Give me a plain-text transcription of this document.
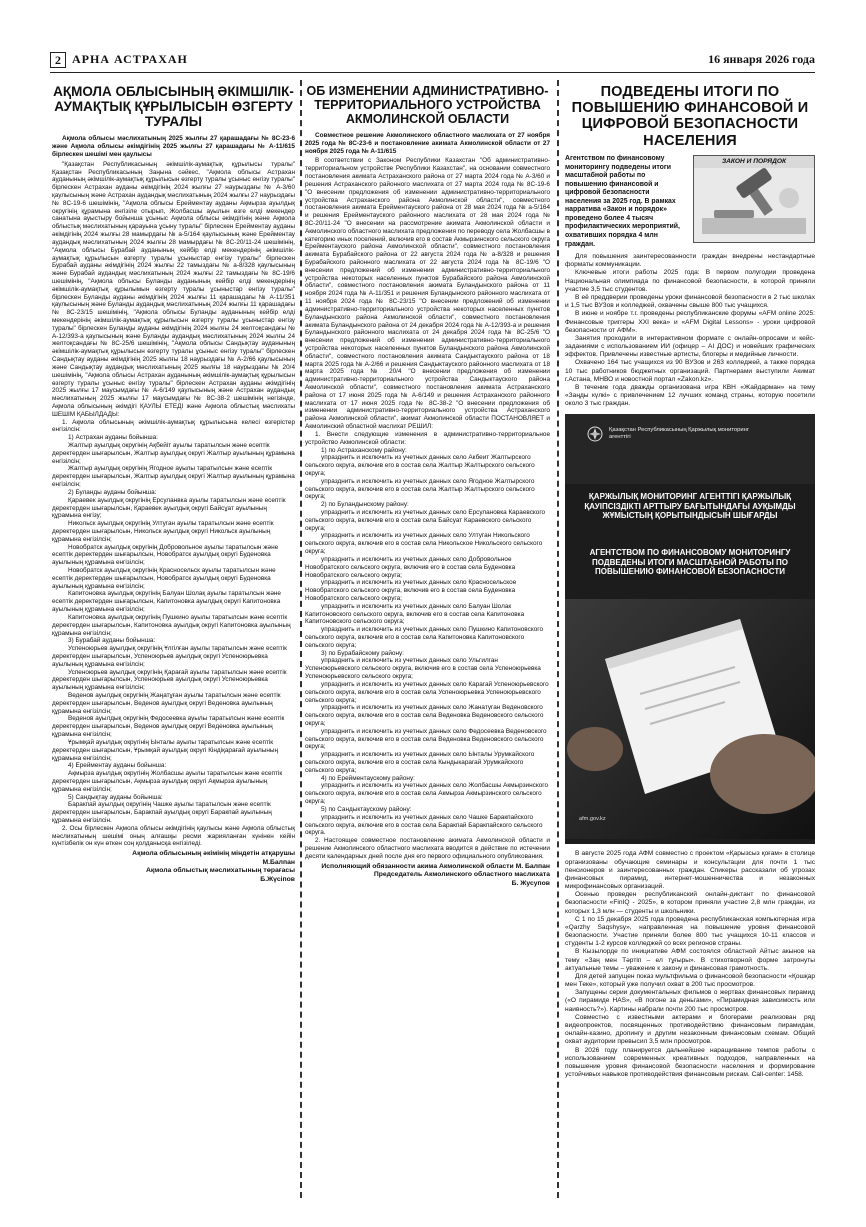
2 АРНА АСТРАХАН	16 января 2026 года
АҚМОЛА ОБЛЫСЫНЫҢ ӘКІМШІЛІК-АУМАҚТЫҚ ҚҰРЫЛЫСЫН ӨЗГЕРТУ ТУРАЛЫ
Ақмола облысы мәслихатының 2025 жылғы 27 қарашадағы № 8С-23-6 және Ақмола облысы әкімдігінің 2025 жылғы 27 қарашадағы № А-11/615 бірлескен шешімі мен қаулысы

"Қазақстан Республикасының әкімшілік-аумақтық құрылысы туралы" Қазақстан Республикасының Заңына сәйкес, "Ақмола облысы Астрахан ауданының әкімшілік-аумақтық құрылысын өзгерту туралы ұсыныс енгізу туралы" бірлескен Астрахан ауданы әкімдігінің 2024 жылғы 27 наурыздағы № А-3/60 қаулысының және Астрахан аудандық мәслихатының 2024 жылғы 27 наурыздағы № 8С-19-6 шешімінің, "Ақмола облысы Ерейментау ауданы Ақмырза ауылдық округінің құрамына енгізіле отырып, Жолбасшы ауылын өзге елді мекендер санатына ауыстыру бойынша ұсыныс Ақмола облысы әкімдігінің және Ақмола облыстық мәслихатының қарауына ұсыну туралы" бірлескен Ерейментау ауданы әкімдігінің 2024 жылғы 28 мамырдағы № а-5/164 қаулысының және Ерейментау аудандық мәслихатының 2024 жылғы 28 мамырдағы № 8С-20/11-24 шешімінің, "Ақмола облысы Бурабай ауданының кейбір елді мекендерінің әкімшілік-аумақтық құрылысын өзгерту туралы ұсыныстар енгізу туралы" бірлескен Бурабай ауданы әкімдігінің 2024 жылғы 22 тамыздағы № а-8/328 қаулысының және Бурабай аудандық мәслихатының 2024 жылғы 22 тамыздағы № 8С-19/6 шешімінің, "Ақмола облысы Буланды ауданының кейбір елді мекендерінің әкімшілік-аумақтық құрылымын өзгерту туралы ұсыныстар енгізу туралы" бірлескен Буланды ауданы әкімдігінің 2024 жылғы 11 қарашадағы № А-11/351 қаулысының және Буланды аудандық мәслихатының 2024 жылғы 11 қарашадағы № 8С-23/15 шешімінің, "Ақмола облысы Буланды ауданының кейбір елді мекендерінің әкімшілік-аумақтық құрылысын өзгерту туралы ұсыныстар енгізу туралы" бірлескен Буланды ауданы әкімдігінің 2024 жылғы 24 желтоқсандағы № А-12/393-а қаулысының және Буланды аудандық мәслихатының 2024 жылғы 24 желтоқсандағы № 8С-25/6 шешімінің, "Ақмола облысы Сандықтау ауданының әкімшілік-аумақтық құрылысын өзгерту туралы ұсыныс енгізу туралы" бірлескен Сандықтау ауданы әкімдігінің 2025 жылғы 18 наурыздағы № А-2/66 қаулысының және Сандықтау аудандық мәслихатының 2025 жылғы 18 наурыздағы № 20/4 шешімінің, "Ақмола облысы Астрахан ауданының әкімшілік-аумақтық құрылысын өзгерту туралы ұсыныс енгізу туралы" бірлескен Астрахан ауданы әкімдігінің 2025 жылғы 17 маусымдағы № А-6/149 қаулысының және Астрахан аудандық мәслихатының 2025 жылғы 17 маусымдағы № 8С-38-2 шешімінің негізінде, Ақмола облысының әкімдігі ҚАУЛЫ ЕТЕДІ және Ақмола облыстық мәслихаты ШЕШІМ ҚАБЫЛДАДЫ:

1. Ақмола облысының әкімшілік-аумақтық құрылысына келесі өзгерістер енгізілсін:

1) Астрахан ауданы бойынша:

Жалтыр ауылдық округінің Ақбейіт ауылы таратылсын және есептік деректерден шығарылсын, Жалтыр ауылдық округі Жалтыр ауылының құрамына енгізілсін;

Жалтыр ауылдық округінің Ягодное ауылы таратылсын және есептік деректерден шығарылсын, Жалтыр ауылдық округі Жалтыр ауылының құрамына енгізілсін;

2) Буланды ауданы бойынша:

Қараевек ауылдық округінің Ерсуланвка ауылы таратылсын және есептік деректерден шығарылсын, Қараевек ауылдық округі Байсұат ауылының құрамына енгізу;

Никольск ауылдық округінің Ултуган ауылы таратылсын және есептік деректерден шығарылсын, Никольск ауылдық округі Никольск ауылының құрамына енгізілсін;

Новобратск ауылдық округінің Добровольное ауылы таратылсын және есептік деректерден шығарылсын, Новобратск ауылдық округі Буденовка ауылының құрамына енгізілсін;

Новобратск ауылдық округінің Красносельск ауылы таратылсын және есептік деректерден шығарылсын, Новобратск ауылдық округі Буденовка ауылының құрамына енгізілсін;

Капитоновка ауылдық округінің Балуан Шолақ ауылы таратылсын және есептік деректерден шығарылсын, Капитоновка ауылдық округі Капитоновка ауылының құрамына енгізілсін;

Капитоновка ауылдық округінің Пушкино ауылы таратылсын және есептік деректерден шығарылсын, Капитоновка ауылдық округі Капитоновка ауылының құрамына енгізілсін;

3) Бурабай ауданы бойынша:

Успеноюрьев ауылдық округінің Ұлгілған ауылы таратылсын және есептік деректерден шығарылсын, Успеноюрьев ауылдық округі Успеноюрьевка ауылының құрамына енгізілсін;

Успеноюрьев ауылдық округінің Қарағай ауылы таратылсын және есептік деректерден шығарылсын, Успеноюрьев ауылдық округі Успеноюрьевка ауылының құрамына енгізілсін;

Веденов ауылдық округінің Жаңатұған ауылы таратылсын және есептік деректерден шығарылсын, Веденов ауылдық округі Веденовка ауылының құрамына енгізілсін;

Веденов ауылдық округінің Федосеевка ауылы таратылсын және есептік деректерден шығарылсын, Веденов ауылдық округі Веденовка ауылының құрамына енгізілсін;

Ұрымқай ауылдық округінің Ынталы ауылы таратылсын және есептік деректерден шығарылсын, Ұрымқай ауылдық округі Кіндіқарағай ауылының құрамына енгізілсін;

4) Ерейментау ауданы бойынша:

Ақмырза ауылдық округінің Жолбасшы ауылы таратылсын және есептік деректерден шығарылсын, Ақмырза ауылдық округі Ақмырза ауылының құрамына енгізілсін;

5) Сандықтау ауданы бойынша:

Баракпай ауылдық округінің Чашке ауылы таратылсын және есептік деректерден шығарылсын, Баракпай ауылдық округі Баракпай ауылының құрамына енгізілсін.

2. Осы бірлескен Ақмола облысы әкімдігінің қаулысы және Ақмола облыстық мәслихатының шешімі оның алғашқы ресми жарияланған күнінен кейін күнтізбелік он күн өткен соң қолданысқа енгізіледі.

Ақмола облысының әкімінің міндетін атқарушы
М.Балпан
Ақмола облыстық мәслихатының төрағасы
Б.Жүсіпов
ОБ ИЗМЕНЕНИИ АДМИНИСТРАТИВНО-ТЕРРИТОРИАЛЬНОГО УСТРОЙСТВА АКМОЛИНСКОЙ ОБЛАСТИ
Совместное решение Акмолинского областного маслихата от 27 ноября 2025 года № 8С-23-6 и постановление акимата Акмолинской области от 27 ноября 2025 года № А-11/615

В соответствии с Законом Республики Казахстан "Об административно-территориальном устройстве Республики Казахстан", на основании совместного постановления акимата Астраханского района от 27 марта 2024 года № А-3/60 и решения Астраханского районного маслихата от 27 марта 2024 года № 8С-19-6 "О внесении предложения об изменении административно-территориального устройства Астраханского района Акмолинской области", совместного постановления акимата Ерейментауского района от 28 мая 2024 года № а-5/164 и решения Ерейментауского районного маслихата от 28 мая 2024 года № 8С-20/11-24 "О внесении на рассмотрение акимата Акмолинской области и Акмолинского областного маслихата предложения по переводу села Жолбасшы в категорию иных поселений, включив его в состав Акмырзинского сельского округа Ерейментауского района Акмолинской области", совместного постановления акимата Бурабайского района от 22 августа 2024 года № а-8/328 и решения Бурабайского районного маслихата от 22 августа 2024 года № 8С-19/6 "О внесении предложений об изменении административно-территориального устройства некоторых населенных пунктов Бурабайского района Акмолинской области", совместного постановления акимата Буландынского района от 11 ноября 2024 года № А-11/351 и решения Буландынского районного маслихата от 11 ноября 2024 года № 8С-23/15 "О внесении предложений об изменении административно-территориального устройства некоторых населенных пунктов Буландынского района Акмолинской области", совместного постановления акимата Буландынского района от 24 декабря 2024 года № А-12/393-а и решения Буландынского районного маслихата от 24 декабря 2024 года № 8С-25/6 "О внесении предложений об изменении административно-территориального устройства некоторых населенных пунктов Буландынского района Акмолинской области", совместного постановления акимата Сандыктауского района от 18 марта 2025 года № А-2/66 и решения Сандыктауского районного маслихата от 18 марта 2025 года № 20/4 "О внесении предложения об изменении административно-территориального устройства Сандыктауского района Акмолинской области", совместного постановления акимата Астраханского района от 17 июня 2025 года № А-6/149 и решения Астраханского районного маслихата от 17 июня 2025 года № 8С-38-2 "О внесении предложения об изменении административно-территориального устройства Астраханского района Акмолинской области", акимат Акмолинской области ПОСТАНОВЛЯЕТ и Акмолинский областной маслихат РЕШИЛ:

1. Внести следующие изменения в административно-территориальное устройство Акмолинской области:

1) по Астраханскому району:

упразднить и исключить из учетных данных село Акбеит Жалтырского сельского округа, включив его в состав села Жалтыр Жалтырского сельского округа;

упразднить и исключить из учетных данных село Ягодное Жалтырского сельского округа, включив его в состав села Жалтыр Жалтырского сельского округа;

2) по Буландынскому району:

упразднить и исключить из учетных данных село Ерсулановка Караевского сельского округа, включив его в состав села Байсуат Караевского сельского округа;

упразднить и исключить из учетных данных село Ултуган Никольского сельского округа, включив его в состав села Никольское Никольского сельского округа;

упразднить и исключить из учетных данных село Добровольное Новобратского сельского округа, включив его в состав села Буденовка Новобратского сельского округа;

упразднить и исключить из учетных данных село Красносельское Новобратского сельского округа, включив его в состав села Буденовка Новобратского сельского округа;

упразднить и исключить из учетных данных село Балуан Шолак Капитоновского сельского округа, включив его в состав села Капитоновка Капитоновского сельского округа;

упразднить и исключить из учетных данных село Пушкино Капитоновского сельского округа, включив его в состав села Капитоновка Капитоновского сельского округа;

3) по Бурабайскому району:

упразднить и исключить из учетных данных село Ульгилган Успеноюрьевского сельского округа, включив его в состав села Успеноюрьевка Успеноюрьевского сельского округа;

упразднить и исключить из учетных данных село Карагай Успеноюрьевского сельского округа, включив его в состав села Успеноюрьевка Успеноюрьевского сельского округа;

упразднить и исключить из учетных данных село Жанатуган Веденовского сельского округа, включив его в состав села Веденовка Веденовского сельского округа;

упразднить и исключить из учетных данных село Федосеевка Веденовского сельского округа, включив его в состав села Веденовка Веденовского сельского округа;

упразднить и исключить из учетных данных село Ынталы Урумкайского сельского округа, включив его в состав села Кындыкарагай Урумкайского сельского округа;

4) по Ерейментаускому району:

упразднить и исключить из учетных данных село Жолбасшы Акмырзинского сельского округа, включив его в состав села Акмырза Акмырзинского сельского округа;

5) по Сандыктаускому району:

упразднить и исключить из учетных данных село Чашке Баракпайского сельского округа, включив его в состав села Баракпай Баракпайского сельского округа.

2. Настоящее совместное постановление акимата Акмолинской области и решение Акмолинского областного маслихата вводится в действие по истечении десяти календарных дней после дня его первого официального опубликования.

Исполняющий обязанности акима Акмолинской области М. Балпан
Председатель Акмолинского областного маслихата
Б. Жусупов
ПОДВЕДЕНЫ ИТОГИ ПО ПОВЫШЕНИЮ ФИНАНСОВОЙ И ЦИФРОВОЙ БЕЗОПАСНОСТИ НАСЕЛЕНИЯ
ЗАКОН И ПОРЯДОК
Агентством по финансовому мониторингу подведены итоги масштабной работы по повышению финансовой и цифровой безопасности населения за 2025 год. В рамках нарратива «Закон и порядок» проведено более 4 тысяч профилактических мероприятий, охвативших порядка 4 млн граждан.

Для повышения заинтересованности граждан внедрены нестандартные форматы коммуникации.

Ключевые итоги работы 2025 года: В первом полугодии проведена Национальная олимпиада по финансовой безопасности, в которой приняли участие 3,5 тыс студентов.

В её преддверии проведены уроки финансовой безопасности в 2 тыс школах и 1,5 тыс ВУЗов и колледжей, охвачены свыше 800 тыс учащихся.

В июне и ноябре т.г. проведены республиканские форумы «AFM online 2025: Финансовые триггеры XXI века» и «AFM Digital Lessons» - уроки цифровой безопасности от АФМ».

Занятия проходили в интерактивном формате с онлайн-опросами и кейс-заданиями с использованием ИИ (офицер – AI ДОС) и новейших графических эффектов. Привлечены известные артисты, блогеры и медийные личности.

Охвачено 164 тыс учащихся из 90 ВУЗов и 263 колледжей, а также порядка 10 тыс работников бюджетных организаций. Партнерами выступили Акимат г.Астана, МНВО и новостной портал «Zakon.kz».

В течение года дважды организована игра КВН «Жайдарман» на тему «Заңды күлкі» с привлечением 12 лучших команд страны, которую посетили около 3 тыс граждан.

Қазақстан Республикасының Қаржылық мониторинг агенттігі
ҚАРЖЫЛЫҚ МОНИТОРИНГ АГЕНТТІГІ ҚАРЖЫЛЫҚ ҚАУІПСІЗДІКТІ АРТТЫРУ БАҒЫТЫНДАҒЫ АУҚЫМДЫ ЖҰМЫСТЫҢ ҚОРЫТЫНДЫСЫН ШЫҒАРДЫ
АГЕНТСТВОМ ПО ФИНАНСОВОМУ МОНИТОРИНГУ ПОДВЕДЕНЫ ИТОГИ МАСШТАБНОЙ РАБОТЫ ПО ПОВЫШЕНИЮ ФИНАНСОВОЙ БЕЗОПАСНОСТИ
afm.gov.kz

В августе 2025 года АФМ совместно с проектом «Қарызсыз қоғам» в столице организованы обучающие семинары и консультации для почти 1 тыс пенсионеров и заинтересованных граждан. Спикеры рассказали об угрозах финансовых пирамид, интернет-мошенничества и незаконных микрофинансовых организаций.

Осенью проведен республиканский онлайн-диктант по финансовой безопасности «FinIQ - 2025», в котором приняли участие 2,8 млн граждан, из которых 1,3 млн — студенты и школьники.

С 1 по 15 декабря 2025 года проведена республиканская компьютерная игра «Qarzhy Saqshysy», направленная на повышение уровня финансовой безопасности. Участие приняли более 800 тыс учащихся 10-11 классов и студенты 1-2 курсов колледжей со всех регионов страны.

В Кызылорде по инициативе АФМ состоялся областной Айтыс акынов на тему «Заң мен Тәртіп – ел тұғыры». В стихотворной форме затронуты актуальные темы – уважение к закону и финансовая грамотность.

Для детей запущен показ мультфильма о финансовой безопасности «Қошқар мен Теке», который уже получил охват в 200 тыс просмотров.

Запущены серии документальных фильмов о жертвах финансовых пирамид («О пирамиде НАS», «В погоне за деньгами», «Пирамидная зависимость или наивность?»). Картины набрали почти 200 тыс просмотров.

Совместно с известными актерами и блогерами реализован ряд видеопроектов, посвященных противодействию финансовым пирамидам, онлайн-казино, дропингу и другим незаконным финансовым схемам. Общий охват аудитории превысил 3,5 млн просмотров.

В 2026 году планируется дальнейшее наращивание темпов работы с использованием современных креативных подходов, направленных на повышение уровня финансовой безопасности населения и формирование устойчивых навыков противодействия финансовым рискам. Call-center: 1458.
